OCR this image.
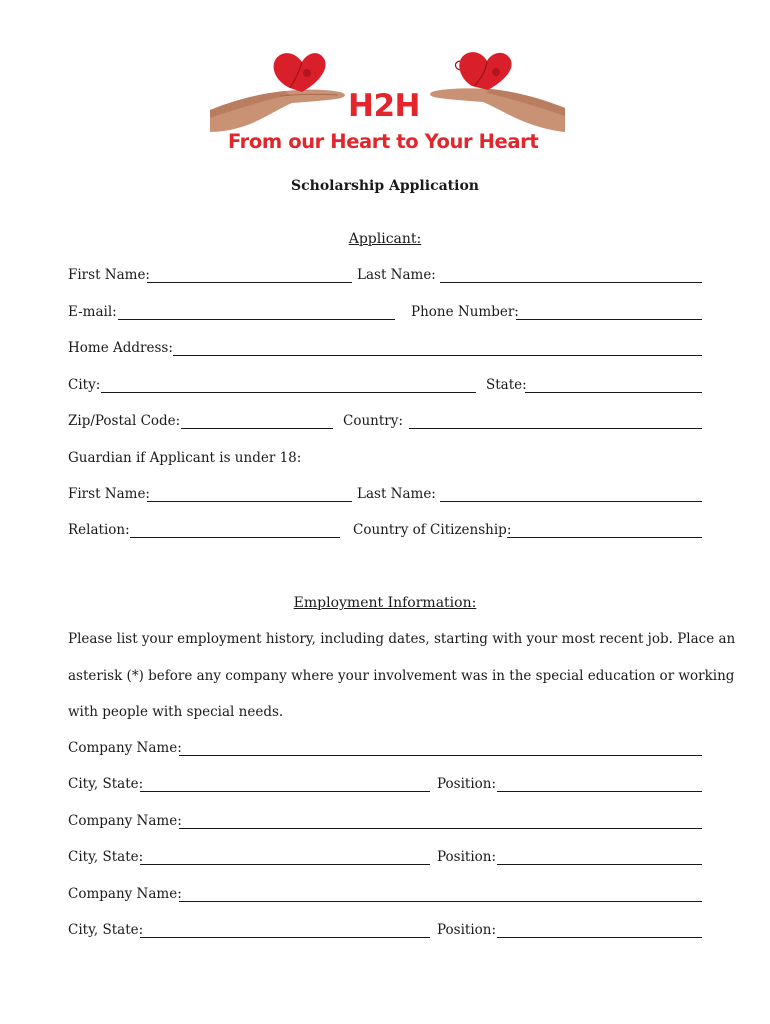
H2H
From our Heart to Your Heart
Scholarship Application
Applicant:
First Name:	Last Name:
E-mail:	Phone Number:
Home Address:
City:	State:
Zip/Postal Code:	Country:
Guardian if Applicant is under 18:
First Name:	Last Name:
Relation:	Country of Citizenship:
Employment Information:
Please list your employment history, including dates, starting with your most recent job. Place an
asterisk (*) before any company where your involvement was in the special education or working
with people with special needs.
Company Name:
City, State:	Position:
Company Name:
City, State:	Position:
Company Name:
City, State:	Position:
